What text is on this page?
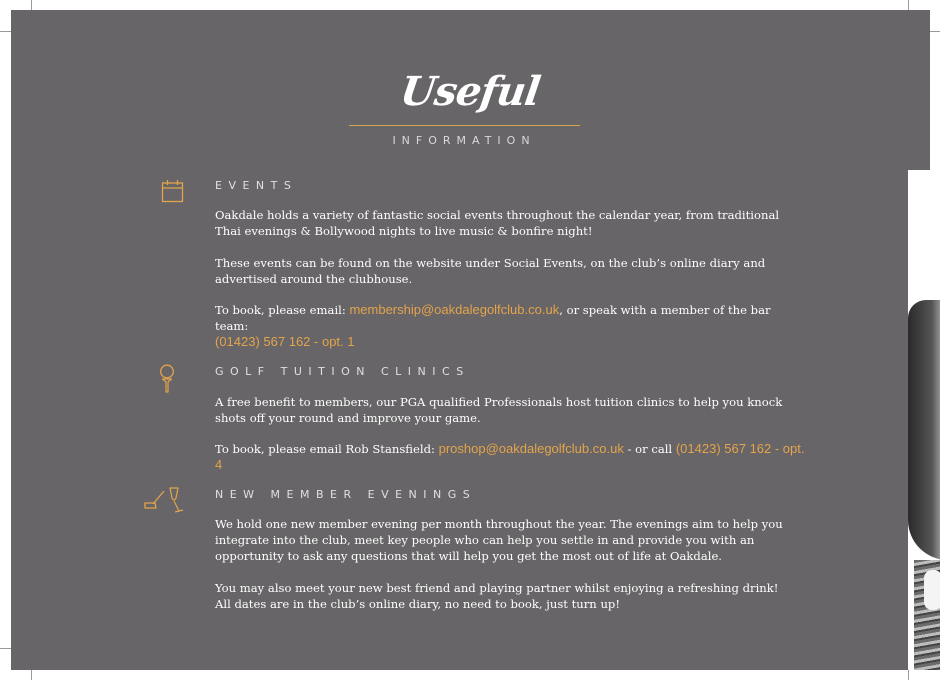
Useful
INFORMATION
EVENTS

Oakdale holds a variety of fantastic social events throughout the calendar year, from traditional Thai evenings & Bollywood nights to live music & bonfire night!

These events can be found on the website under Social Events, on the club’s online diary and advertised around the clubhouse.

To book, please email: membership@oakdalegolfclub.co.uk, or speak with a member of the bar team:
(01423) 567 162 - opt. 1

GOLF TUITION CLINICS

A free benefit to members, our PGA qualified Professionals host tuition clinics to help you knock shots off your round and improve your game.

To book, please email Rob Stansfield: proshop@oakdalegolfclub.co.uk - or call (01423) 567 162 - opt. 4

NEW MEMBER EVENINGS

We hold one new member evening per month throughout the year. The evenings aim to help you integrate into the club, meet key people who can help you settle in and provide you with an opportunity to ask any questions that will help you get the most out of life at Oakdale.

You may also meet your new best friend and playing partner whilst enjoying a refreshing drink!
All dates are in the club’s online diary, no need to book, just turn up!
